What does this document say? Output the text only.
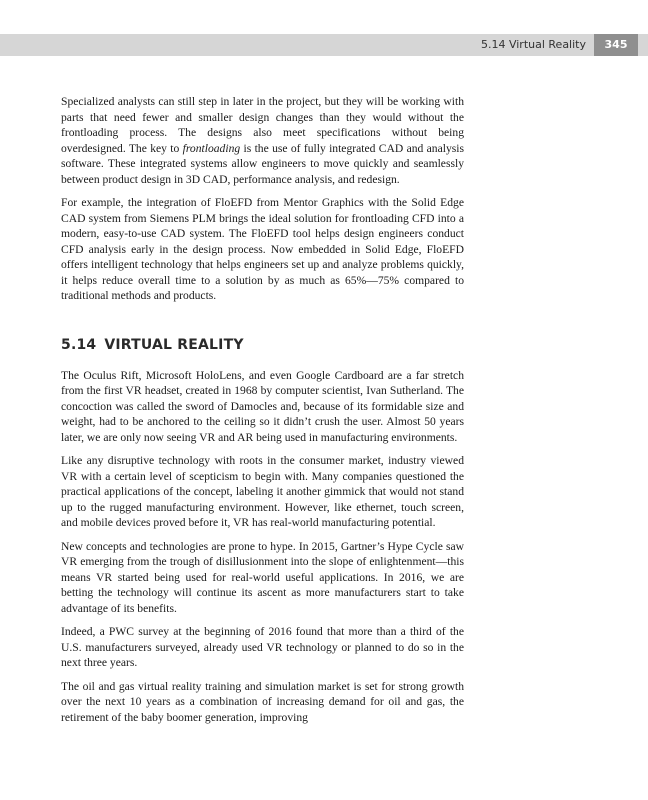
5.14 Virtual Reality	345

Specialized analysts can still step in later in the project, but they will be working with parts that need fewer and smaller design changes than they would without the frontloading process. The designs also meet specifications without being overdesigned. The key to frontloading is the use of fully integrated CAD and analysis software. These integrated systems allow engineers to move quickly and seamlessly between product design in 3D CAD, performance analysis, and redesign.

For example, the integration of FloEFD from Mentor Graphics with the Solid Edge CAD system from Siemens PLM brings the ideal solution for frontloading CFD into a modern, easy-to-use CAD system. The FloEFD tool helps design engineers conduct CFD analysis early in the design process. Now embedded in Solid Edge, FloEFD offers intelligent technology that helps engineers set up and analyze problems quickly, it helps reduce overall time to a solution by as much as 65%—75% compared to traditional methods and products.

5.14 VIRTUAL REALITY

The Oculus Rift, Microsoft HoloLens, and even Google Cardboard are a far stretch from the first VR headset, created in 1968 by computer scientist, Ivan Sutherland. The concoction was called the sword of Damocles and, because of its formidable size and weight, had to be anchored to the ceiling so it didn’t crush the user. Almost 50 years later, we are only now seeing VR and AR being used in manufacturing environments.

Like any disruptive technology with roots in the consumer market, industry viewed VR with a certain level of scepticism to begin with. Many companies questioned the practical applications of the concept, labeling it another gimmick that would not stand up to the rugged manufacturing environment. However, like ethernet, touch screen, and mobile devices proved before it, VR has real-world manufacturing potential.

New concepts and technologies are prone to hype. In 2015, Gartner’s Hype Cycle saw VR emerging from the trough of disillusionment into the slope of enlightenment—this means VR started being used for real-world useful applications. In 2016, we are betting the technology will continue its ascent as more manufacturers start to take advantage of its benefits.

Indeed, a PWC survey at the beginning of 2016 found that more than a third of the U.S. manufacturers surveyed, already used VR technology or planned to do so in the next three years.

The oil and gas virtual reality training and simulation market is set for strong growth over the next 10 years as a combination of increasing demand for oil and gas, the retirement of the baby boomer generation, improving
